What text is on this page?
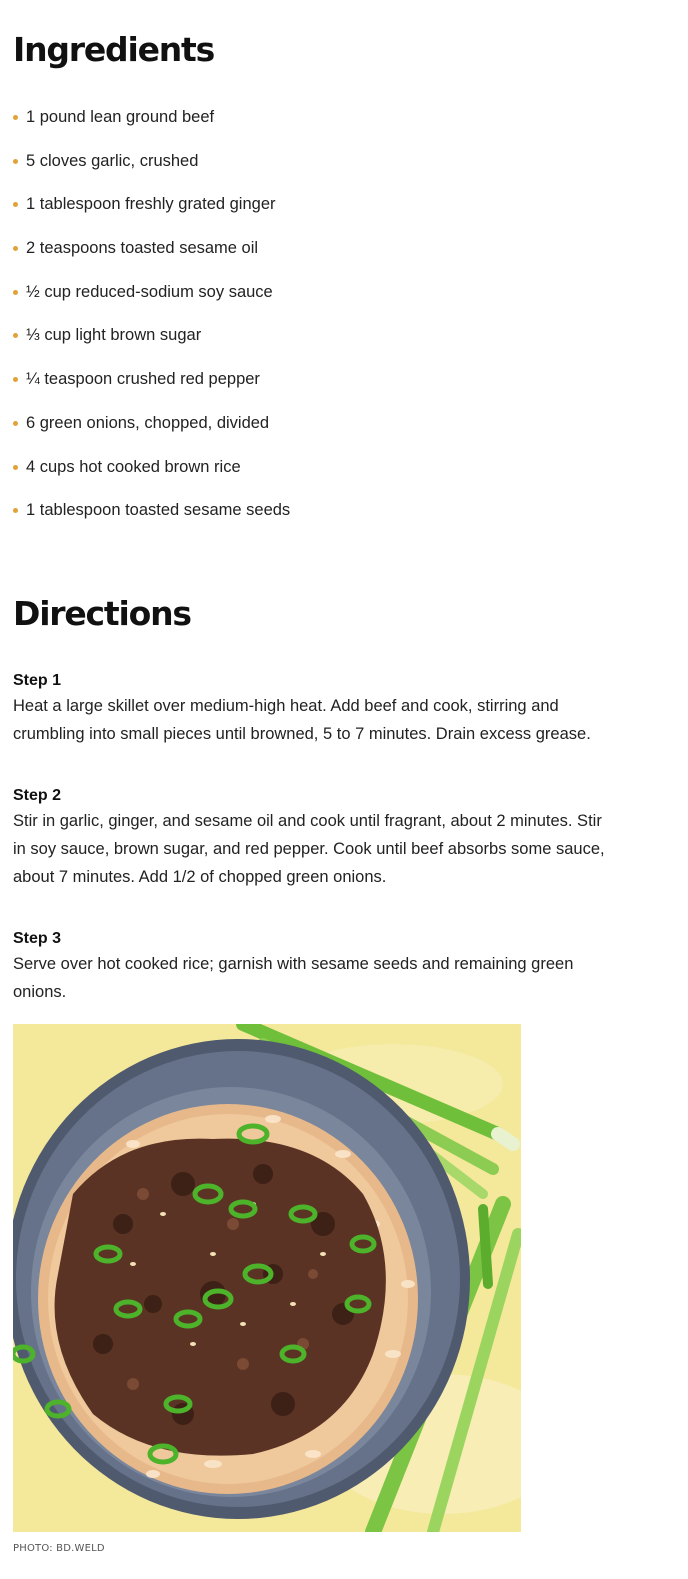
Ingredients
1 pound lean ground beef
5 cloves garlic, crushed
1 tablespoon freshly grated ginger
2 teaspoons toasted sesame oil
½ cup reduced-sodium soy sauce
⅓ cup light brown sugar
¼ teaspoon crushed red pepper
6 green onions, chopped, divided
4 cups hot cooked brown rice
1 tablespoon toasted sesame seeds
Directions
Step 1
Heat a large skillet over medium-high heat. Add beef and cook, stirring and crumbling into small pieces until browned, 5 to 7 minutes. Drain excess grease.
Step 2
Stir in garlic, ginger, and sesame oil and cook until fragrant, about 2 minutes. Stir in soy sauce, brown sugar, and red pepper. Cook until beef absorbs some sauce, about 7 minutes. Add 1/2 of chopped green onions.
Step 3
Serve over hot cooked rice; garnish with sesame seeds and remaining green onions.
PHOTO: BD.WELD
